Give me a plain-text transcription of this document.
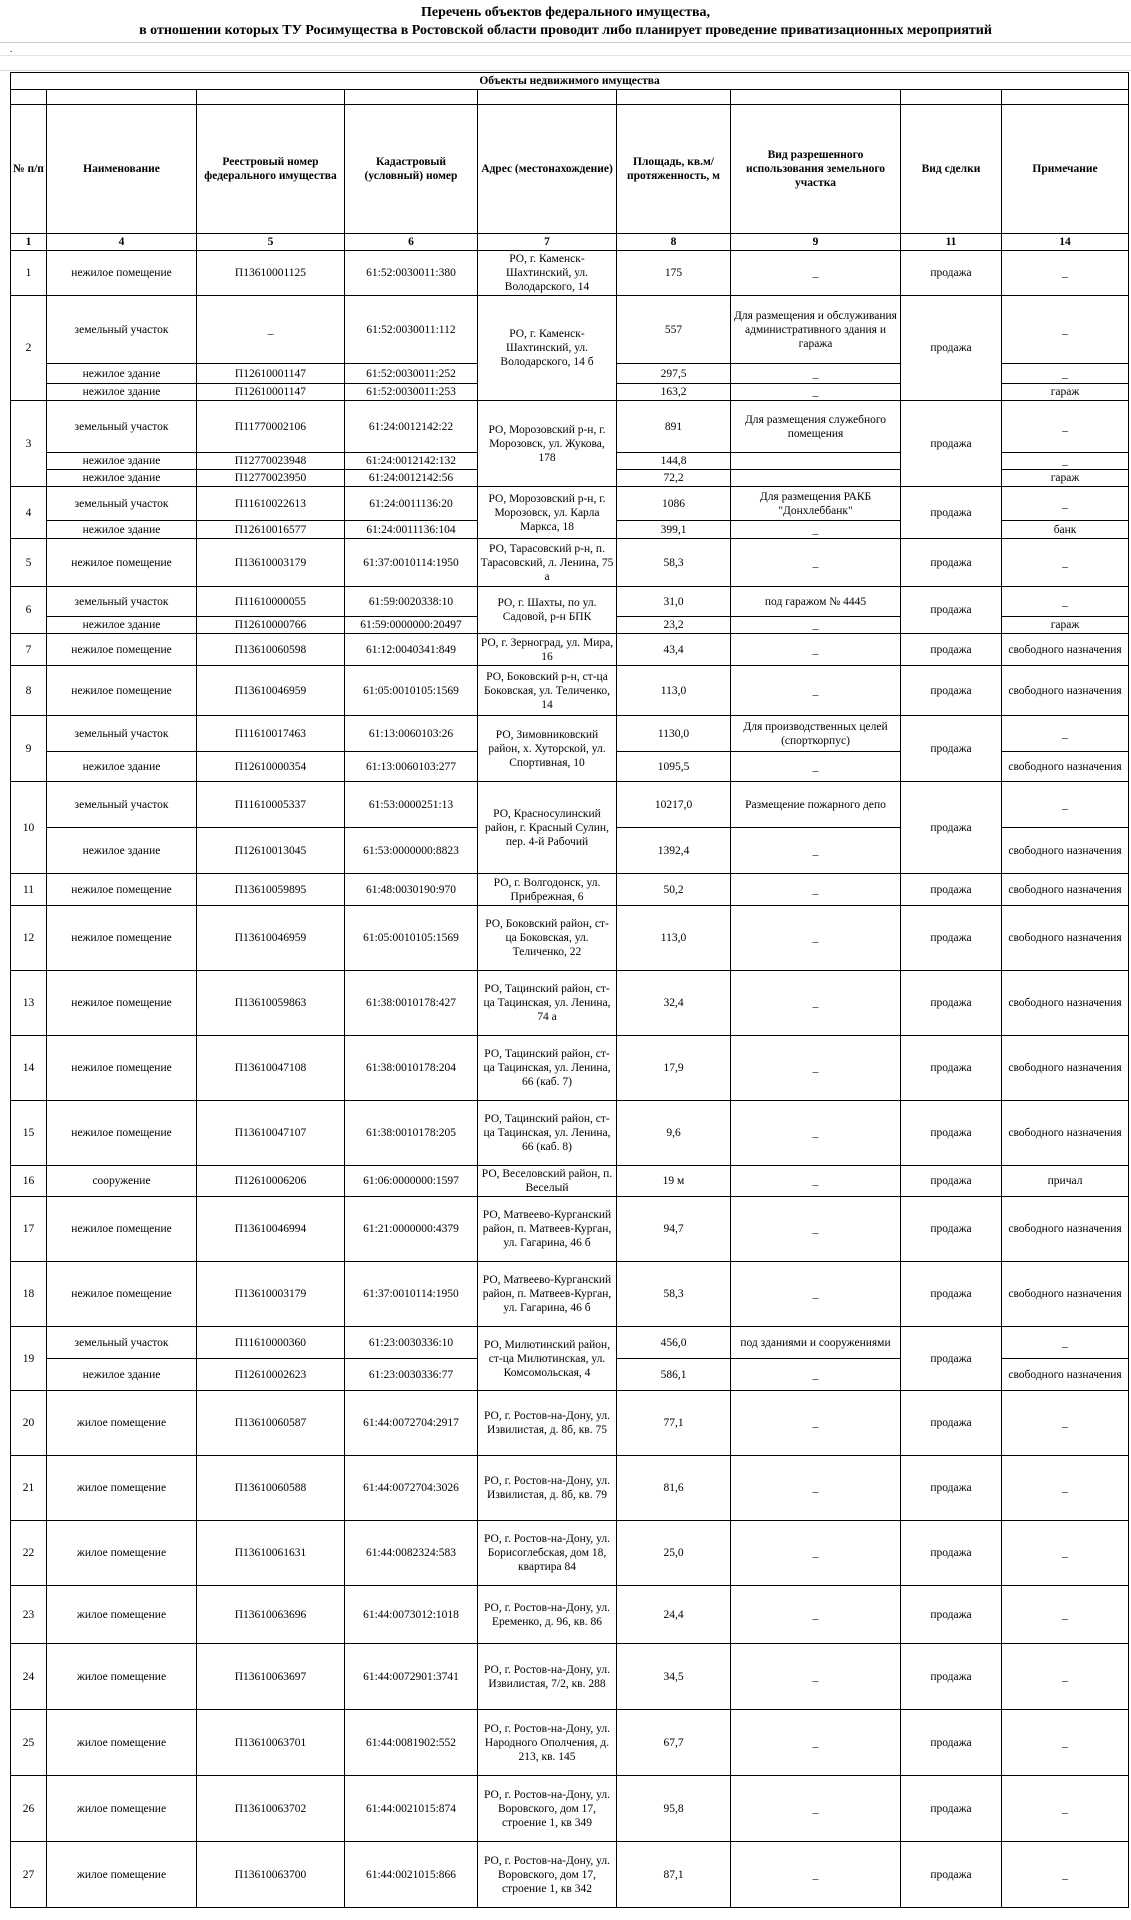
Перечень объектов федерального имущества,
в отношении которых ТУ Росимущества в Ростовской области проводит либо планирует проведение приватизационных мероприятий
.
Объекты недвижимого имущества								

№ п/п	Наименование	Реестровый номер федерального имущества	Кадастровый (условный) номер	Адрес (местонахождение)	Площадь, кв.м/ протяженность, м	Вид разрешенного использования земельного участка	Вид сделки	Примечание
1	4	5	6	7	8	9	11	14
1	нежилое помещение	П13610001125	61:52:0030011:380	РО, г. Каменск-Шахтинский, ул. Володарского, 14	175	_	продажа	_
2	земельный участок	_	61:52:0030011:112	РО, г. Каменск-Шахтинский, ул. Володарского, 14 б	557	Для размещения и обслуживания административного здания и гаража	продажа	_
	нежилое здание	П12610001147	61:52:0030011:252		297,5	_		_
	нежилое здание	П12610001147	61:52:0030011:253		163,2	_		гараж
3	земельный участок	П11770002106	61:24:0012142:22	РО, Морозовский р-н, г. Морозовск, ул. Жукова, 178	891	Для размещения служебного помещения	продажа	_
	нежилое здание	П12770023948	61:24:0012142:132		144,8			_
	нежилое здание	П12770023950	61:24:0012142:56		72,2			гараж
4	земельный участок	П11610022613	61:24:0011136:20	РО, Морозовский р-н, г. Морозовск, ул. Карла Маркса, 18	1086	Для размещения РАКБ "Донхлеббанк"	продажа	_
	нежилое здание	П12610016577	61:24:0011136:104		399,1	_		банк
5	нежилое помещение	П13610003179	61:37:0010114:1950	РО, Тарасовский р-н, п. Тарасовский, л. Ленина, 75 а	58,3	_	продажа	_
6	земельный участок	П11610000055	61:59:0020338:10	РО, г. Шахты, по ул. Садовой, р-н БПК	31,0	под гаражом № 4445	продажа	_
	нежилое здание	П12610000766	61:59:0000000:20497		23,2	_		гараж
7	нежилое помещение	П13610060598	61:12:0040341:849	РО, г. Зерноград, ул. Мира, 16	43,4	_	продажа	свободного назначения
8	нежилое помещение	П13610046959	61:05:0010105:1569	РО, Боковский р-н, ст-ца Боковская, ул. Теличенко, 14	113,0	_	продажа	свободного назначения
9	земельный участок	П11610017463	61:13:0060103:26	РО, Зимовниковский район, х. Хуторской, ул. Спортивная, 10	1130,0	Для производственных целей (спорткорпус)	продажа	_
	нежилое здание	П12610000354	61:13:0060103:277		1095,5	_		свободного назначения
10	земельный участок	П11610005337	61:53:0000251:13	РО, Красносулинский район, г. Красный Сулин, пер. 4-й Рабочий	10217,0	Размещение пожарного депо	продажа	_
	нежилое здание	П12610013045	61:53:0000000:8823		1392,4	_		свободного назначения
11	нежилое помещение	П13610059895	61:48:0030190:970	РО, г. Волгодонск, ул. Прибрежная, 6	50,2	_	продажа	свободного назначения
12	нежилое помещение	П13610046959	61:05:0010105:1569	РО, Боковский район, ст-ца Боковская, ул. Теличенко, 22	113,0	_	продажа	свободного назначения
13	нежилое помещение	П13610059863	61:38:0010178:427	РО, Тацинский район, ст-ца Тацинская, ул. Ленина, 74 а	32,4	_	продажа	свободного назначения
14	нежилое помещение	П13610047108	61:38:0010178:204	РО, Тацинский район, ст-ца Тацинская, ул. Ленина, 66 (каб. 7)	17,9	_	продажа	свободного назначения
15	нежилое помещение	П13610047107	61:38:0010178:205	РО, Тацинский район, ст-ца Тацинская, ул. Ленина, 66 (каб. 8)	9,6	_	продажа	свободного назначения
16	сооружение	П12610006206	61:06:0000000:1597	РО, Веселовский район, п. Веселый	19 м	_	продажа	причал
17	нежилое помещение	П13610046994	61:21:0000000:4379	РО, Матвеево-Курганский район, п. Матвеев-Курган, ул. Гагарина, 46 б	94,7	_	продажа	свободного назначения
18	нежилое помещение	П13610003179	61:37:0010114:1950	РО, Матвеево-Курганский район, п. Матвеев-Курган, ул. Гагарина, 46 б	58,3	_	продажа	свободного назначения
19	земельный участок	П11610000360	61:23:0030336:10	РО, Милютинский район, ст-ца Милютинская, ул. Комсомольская, 4	456,0	под зданиями и сооружениями	продажа	_
	нежилое здание	П12610002623	61:23:0030336:77		586,1	_		свободного назначения
20	жилое помещение	П13610060587	61:44:0072704:2917	РО, г. Ростов-на-Дону, ул. Извилистая, д. 8б, кв. 75	77,1	_	продажа	_
21	жилое помещение	П13610060588	61:44:0072704:3026	РО, г. Ростов-на-Дону, ул. Извилистая, д. 8б, кв. 79	81,6	_	продажа	_
22	жилое помещение	П13610061631	61:44:0082324:583	РО, г. Ростов-на-Дону, ул. Борисоглебская, дом 18, квартира 84	25,0	_	продажа	_
23	жилое помещение	П13610063696	61:44:0073012:1018	РО, г. Ростов-на-Дону, ул. Еременко, д. 96, кв. 86	24,4	_	продажа	_
24	жилое помещение	П13610063697	61:44:0072901:3741	РО, г. Ростов-на-Дону, ул. Извилистая, 7/2, кв. 288	34,5	_	продажа	_
25	жилое помещение	П13610063701	61:44:0081902:552	РО, г. Ростов-на-Дону, ул. Народного Ополчения, д. 213, кв. 145	67,7	_	продажа	_
26	жилое помещение	П13610063702	61:44:0021015:874	РО, г. Ростов-на-Дону, ул. Воровского, дом 17, строение 1, кв 349	95,8	_	продажа	_
27	жилое помещение	П13610063700	61:44:0021015:866	РО, г. Ростов-на-Дону, ул. Воровского, дом 17, строение 1, кв 342	87,1	_	продажа	_
